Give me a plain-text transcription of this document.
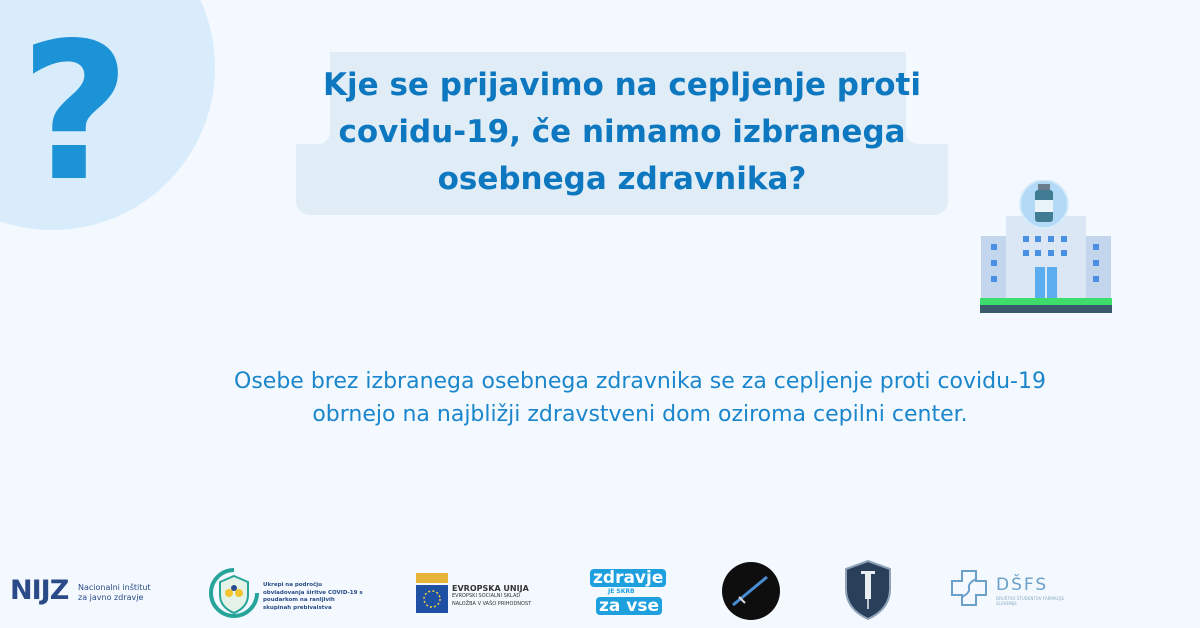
?	Kje se prijavimo na cepljenje proti covidu-19, če nimamo izbranega osebnega zdravnika?

Osebe brez izbranega osebnega zdravnika se za cepljenje proti covidu-19 obrnejo na najbližji zdravstveni dom oziroma cepilni center.

NIJZ Nacionalni inštitut za javno zdravje
Ukrepi na področju obvladovanja širitve COVID-19 s poudarkom na ranljivih skupinah prebivalstva
EVROPSKA UNIJA
EVROPSKI SOCIALNI SKLAD
NALOŽBA V VAŠO PRIHODNOST
zdravje
JE SKRB
za vse
DŠFS
DRUŠTVO ŠTUDENTOV FARMACIJE SLOVENIJE
